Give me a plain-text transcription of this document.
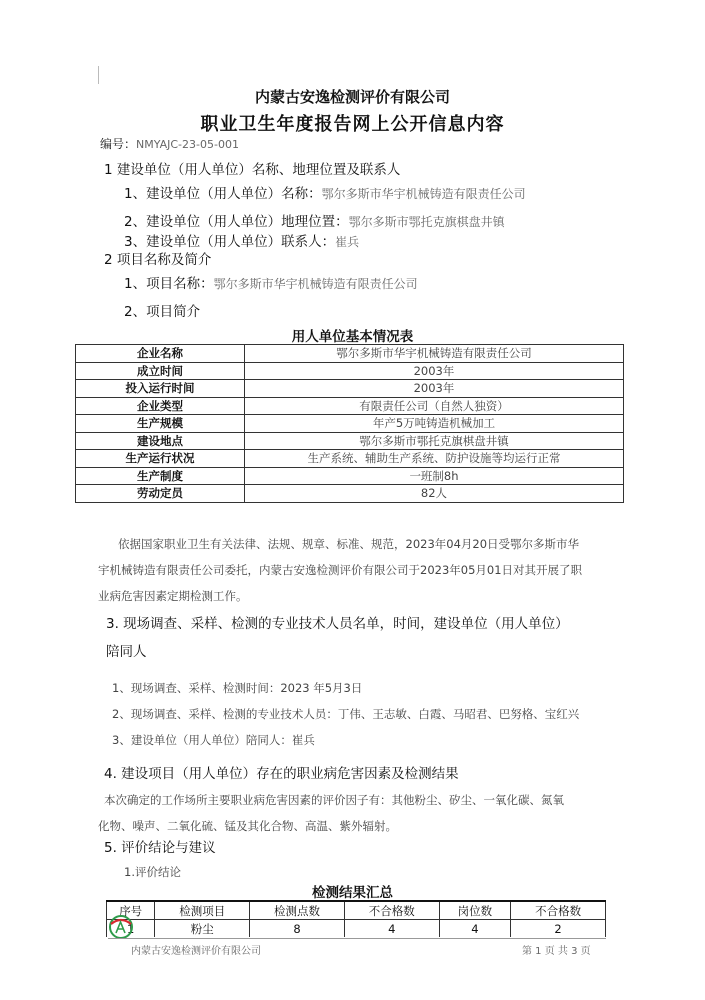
内蒙古安逸检测评价有限公司
职业卫生年度报告网上公开信息内容
编号：NMYAJC-23-05-001
1 建设单位（用人单位）名称、地理位置及联系人
1、建设单位（用人单位）名称：鄂尔多斯市华宇机械铸造有限责任公司
2、建设单位（用人单位）地理位置：鄂尔多斯市鄂托克旗棋盘井镇
3、建设单位（用人单位）联系人：崔兵
2 项目名称及简介
1、项目名称：鄂尔多斯市华宇机械铸造有限责任公司
2、项目简介
用人单位基本情况表
企业名称	鄂尔多斯市华宇机械铸造有限责任公司
成立时间	2003年
投入运行时间	2003年
企业类型	有限责任公司（自然人独资）
生产规模	年产5万吨铸造机械加工
建设地点	鄂尔多斯市鄂托克旗棋盘井镇
生产运行状况	生产系统、辅助生产系统、防护设施等均运行正常
生产制度	一班制8h
劳动定员	82人
依据国家职业卫生有关法律、法规、规章、标准、规范，2023年04月20日受鄂尔多斯市华
宇机械铸造有限责任公司委托，内蒙古安逸检测评价有限公司于2023年05月01日对其开展了职
业病危害因素定期检测工作。
3. 现场调查、采样、检测的专业技术人员名单，时间，建设单位（用人单位）
陪同人
1、现场调查、采样、检测时间：2023 年5月3日
2、现场调查、采样、检测的专业技术人员：丁伟、王志敏、白霞、马昭君、巴努格、宝红兴
3、建设单位（用人单位）陪同人：崔兵
4. 建设项目（用人单位）存在的职业病危害因素及检测结果
本次确定的工作场所主要职业病危害因素的评价因子有：其他粉尘、矽尘、一氧化碳、氮氧
化物、噪声、二氧化硫、锰及其化合物、高温、紫外辐射。
5. 评价结论与建议
1.评价结论
检测结果汇总
序号	检测项目	检测点数	不合格数	岗位数	不合格数
1	粉尘	8	4	4	2
内蒙古安逸检测评价有限公司	第 1 页 共 3 页
